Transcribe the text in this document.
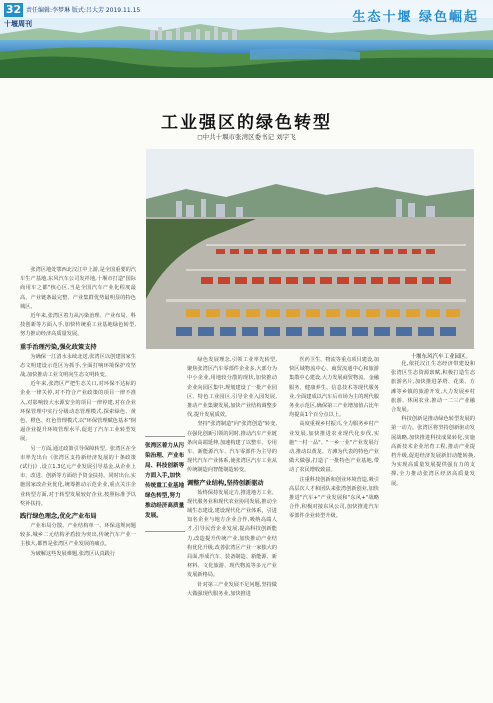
32 责任编辑:李梦琳 版式:吕大芳 2019.11.15
十堰周刊	生态十堰 绿色崛起
工业强区的绿色转型
◻中共十堰市张湾区委书记 刘宇飞
十堰东风汽车工业园区。

张湾区地处鄂西北汉江中上游,是全国重要的汽车生产基地,东风汽车公司发祥地,十堰市打造"国际商用车之都"核心区,当是全国汽车产业化程度最高、产业链条最完整、产业集群优势最明显的特色城区。

近年来,张湾区着力从污染治理、产业布局、科技创新等方面入手,加快传统重工业基地绿色转型,努力推动经济高质量发展。

重手治理污染,强化政策支持

为确保一江清水永续北送,张湾区以创建国家生态文明建设示范区为抓手,全面打响环境保护攻坚战,加快推动工业文明向生态文明转变。

近年来,张湾区严把生态关口,对环保不达标的企业一律关停,对不符合产业政策的项目一律不准入,对影响较大水源安全的项目一律停建,对在企业环保管理中实行分级动态管理模式,探索绿色、黄色、橙色、红色管理模式,以"环保管理赋色基本"倒逼企业提升环境管理水平,促进了汽车工业转型发展。

另一方面,通过政策引导保障转型。张湾区在全市率先出台《张湾区支持新经济发展的十条政策(试行)》,设立1.3亿元产业发展引导基金,从企业上市、改进、创新等方面给予资金扶持。同时出台,实施国家改企业优化,统筹推动示范企业,重点关注企业转型方面,对于转型发展较好企业,按照标准予以奖补扶持。

践行绿色理念,优化产业布局

产业布局分散、产业结构单一、环保违规问题较多,城乡二元结构矛盾较为突出,传统汽车产业一主独大,都曾是张湾区产业发展的痛点。

为破解这些发展难题,张湾区认真践行

张湾区着力从污染治理、产业布局、科技创新等方面入手,加快传统重工业基地绿色转型,努力推动经济高质量发展。

绿色发展理念,引领工业率先转型,聚焦张湾区汽车零部件企业多,大部分为中小企业,用地较分散的现状,加快推动企业向园区集中,规划建设了一批产业园区、特色工业园区,引导企业入园发展,推动产业集聚发展,加快产业结构调整步伐,提升发展质效。

坚持"张湾制造"向"张湾创造"转变,在强化创新引领的同时,推动汽车产业链条向高端延伸,加速构建了以整车、专用车、新能源汽车、汽车零部件为主导的现代汽车产业体系,使张湾区汽车工业从传统制造向智能制造转变。

调整产业结构,坚持创新驱动

始终保持发展定力,推进地方工业、现代服务业和现代农业协同发展,推动全域生态建设,建设现代化产业体系。引进知名企业与地方企业合作,吸纳高端人才,引导民营企业发展,提高科技创新能力,改造提升传统产业,加快推动产业结构优化升级,改善张湾区产业一家独大的局面,形成汽车、装备制造、新能源、新材料、文化旅游、现代物流等多元产业发展新格局。

针对第三产业发展不足问题,坚持做大做强现代服务业,加快推进

医药卫生、物流等重点项目建设,加快区域物流中心、商贸流通中心和旅游集散中心建设,大力发展商贸物流、金融服务、健康养生、信息技术等现代服务业,全面建成以汽车后市场为主的现代服务业示范区,确保第三产业增加值占比年均提高1个百分点以上。

高度重视乡村振兴,全力服务乡村产业发展,加快推进农业现代化步伐,实施"一村一品"、"一乡一业"产业发展行动,推动以黄龙、方滩为代表的特色产业做大做强,打造了一批特色产业基地,带动了农民增收致富。

注重科技创新和创业环境营造,吸引高层次人才和团队来张湾创新创业,加快推进"汽车+"产业发展和"东风+"战略合作,积极对接东风公司,加快推进汽车零部件企业转型升级。

化,依托汉江生态经济带建设和张湾区生态资源禀赋,积极打造生态旅游名片,加快推进茅塔、花果、方滩等乡镇的旅游开发,大力发展乡村旅游、休闲农业,推动一二三产业融合发展。

科技创新是推动绿色转型发展的第一动力。张湾区将坚持创新驱动发展战略,加快推进科技成果转化,实施高新技术企业培育工程,推动产业提档升级,促进经济发展新旧动能转换,为实现高质量发展提供强有力的支撑,全力推动张湾区经济高质量发展。
